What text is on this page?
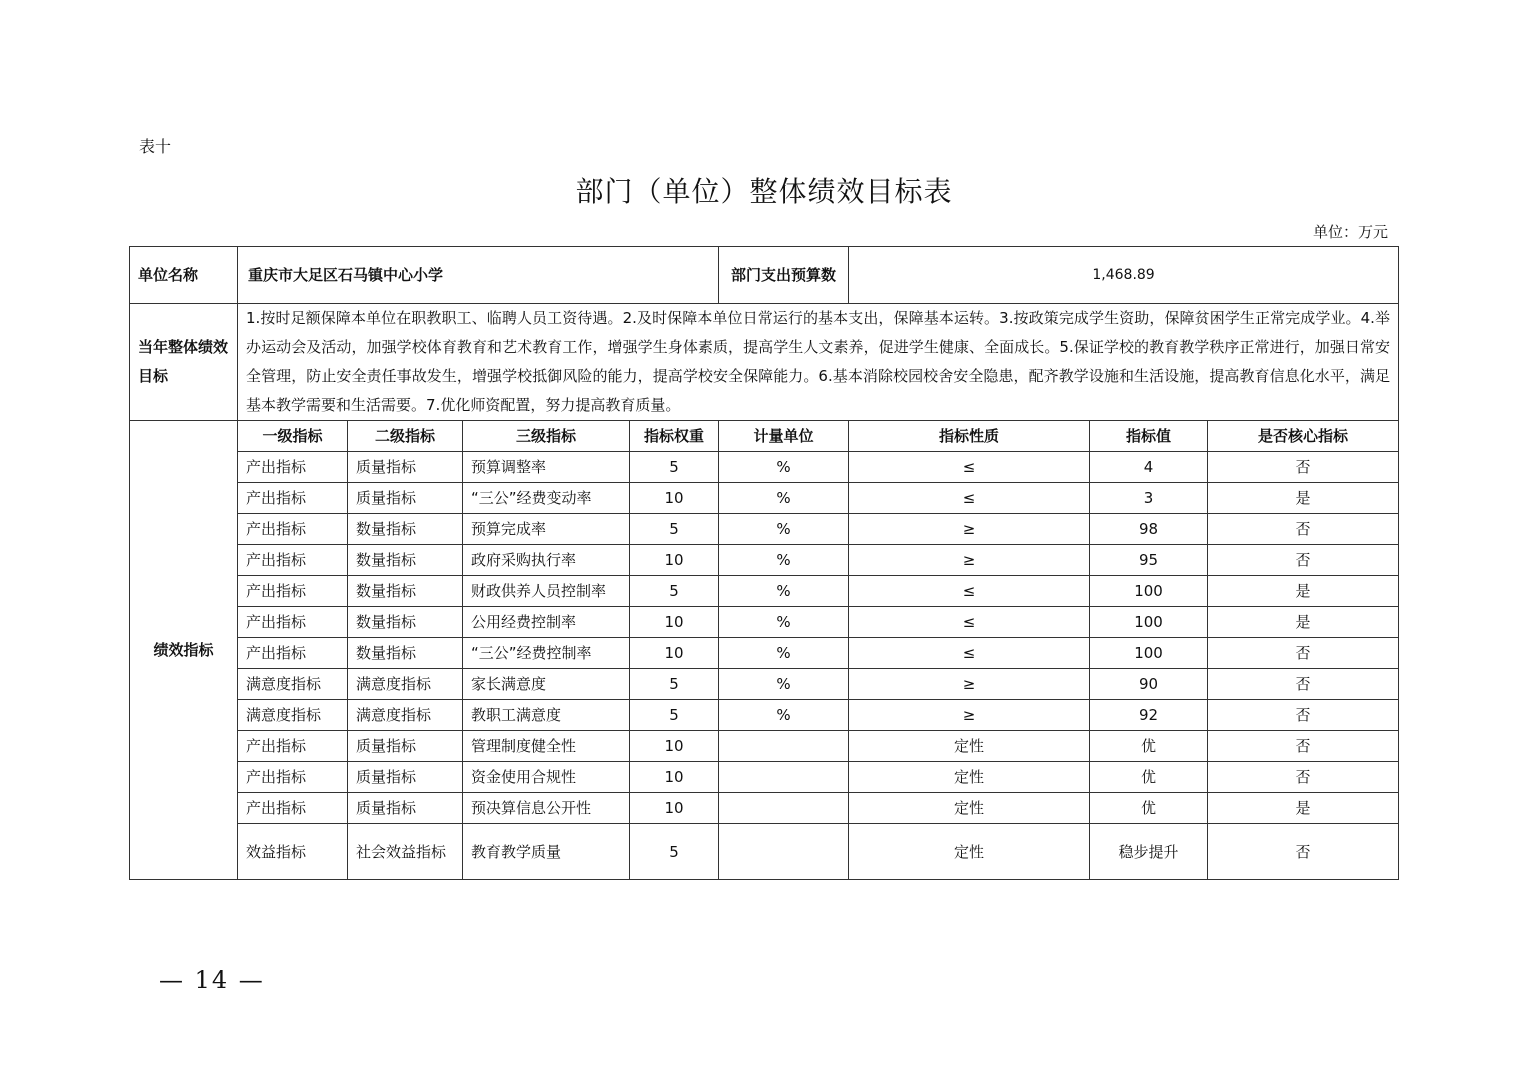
表十
部门（单位）整体绩效目标表
单位：万元
单位名称	重庆市大足区石马镇中心小学				部门支出预算数	1,468.89		
当年整体绩效目标	1.按时足额保障本单位在职教职工、临聘人员工资待遇。2.及时保障本单位日常运行的基本支出，保障基本运转。3.按政策完成学生资助，保障贫困学生正常完成学业。4.举办运动会及活动，加强学校体育教育和艺术教育工作，增强学生身体素质，提高学生人文素养，促进学生健康、全面成长。5.保证学校的教育教学秩序正常进行，加强日常安全管理，防止安全责任事故发生，增强学校抵御风险的能力，提高学校安全保障能力。6.基本消除校园校舍安全隐患，配齐教学设施和生活设施，提高教育信息化水平，满足基本教学需要和生活需要。7.优化师资配置，努力提高教育质量。							
绩效指标	一级指标	二级指标	三级指标	指标权重	计量单位	指标性质	指标值	是否核心指标
	产出指标	质量指标	预算调整率	5	%	≤	4	否
	产出指标	质量指标	“三公”经费变动率	10	%	≤	3	是
	产出指标	数量指标	预算完成率	5	%	≥	98	否
	产出指标	数量指标	政府采购执行率	10	%	≥	95	否
	产出指标	数量指标	财政供养人员控制率	5	%	≤	100	是
	产出指标	数量指标	公用经费控制率	10	%	≤	100	是
	产出指标	数量指标	“三公”经费控制率	10	%	≤	100	否
	满意度指标	满意度指标	家长满意度	5	%	≥	90	否
	满意度指标	满意度指标	教职工满意度	5	%	≥	92	否
	产出指标	质量指标	管理制度健全性	10		定性	优	否
	产出指标	质量指标	资金使用合规性	10		定性	优	否
	产出指标	质量指标	预决算信息公开性	10		定性	优	是
	效益指标	社会效益指标	教育教学质量	5		定性	稳步提升	否
— 14 —
